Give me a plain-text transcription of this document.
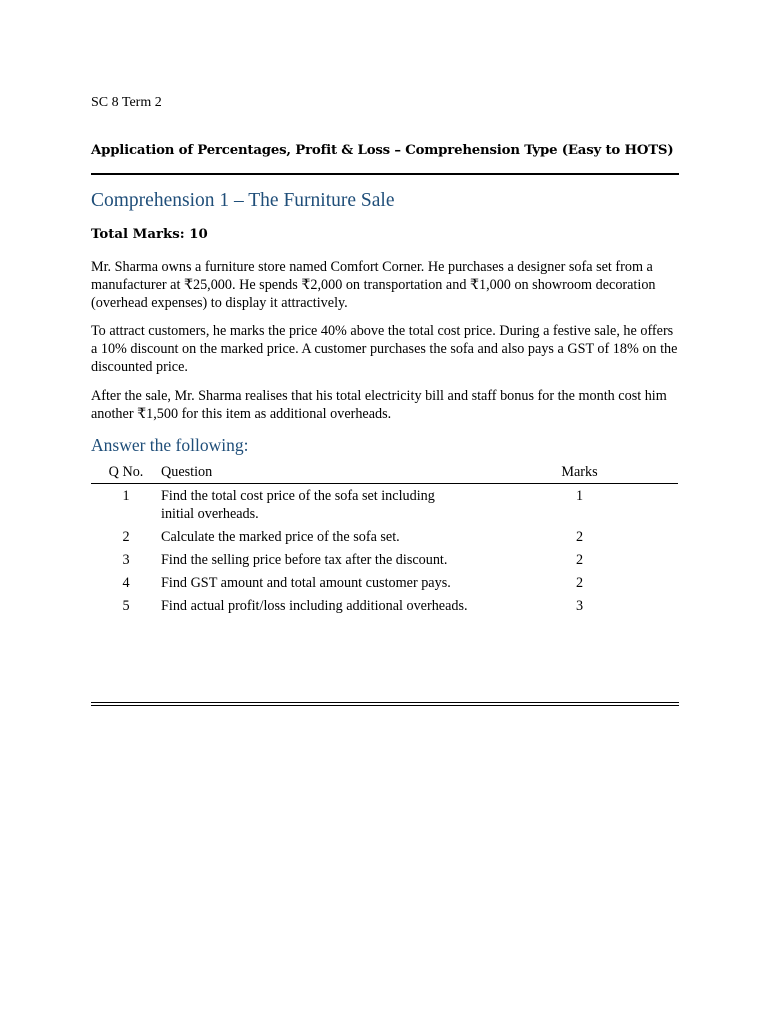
SC 8 Term 2
Application of Percentages, Profit & Loss – Comprehension Type (Easy to HOTS)
Comprehension 1 – The Furniture Sale
Total Marks: 10
Mr. Sharma owns a furniture store named Comfort Corner. He purchases a designer sofa set from a manufacturer at ₹25,000. He spends ₹2,000 on transportation and ₹1,000 on showroom decoration (overhead expenses) to display it attractively.
To attract customers, he marks the price 40% above the total cost price. During a festive sale, he offers a 10% discount on the marked price. A customer purchases the sofa and also pays a GST of 18% on the discounted price.
After the sale, Mr. Sharma realises that his total electricity bill and staff bonus for the month cost him another ₹1,500 for this item as additional overheads.
Answer the following:
Q No.	Question	Marks
1	Find the total cost price of the sofa set including initial overheads.	1
2	Calculate the marked price of the sofa set.	2
3	Find the selling price before tax after the discount.	2
4	Find GST amount and total amount customer pays.	2
5	Find actual profit/loss including additional overheads.	3
